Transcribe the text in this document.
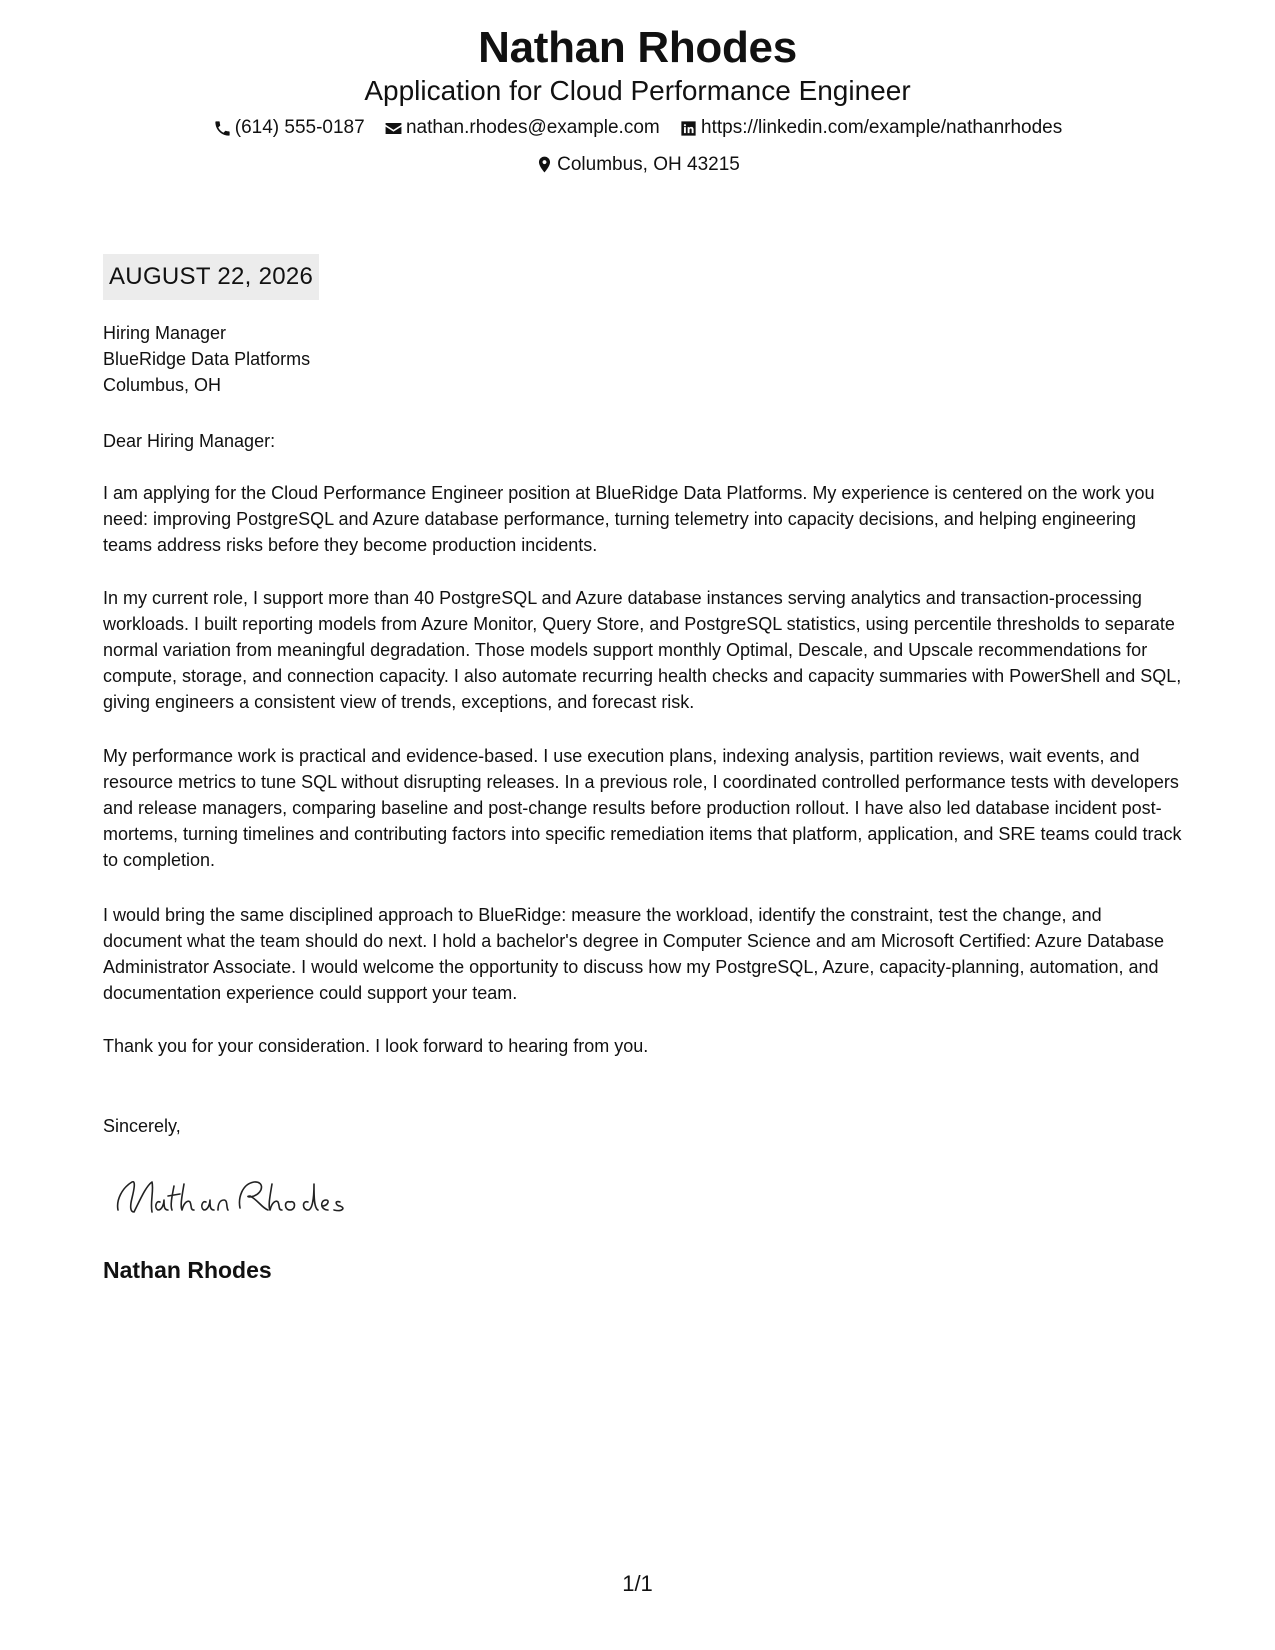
Nathan Rhodes
Application for Cloud Performance Engineer
(614) 555-0187
nathan.rhodes@example.com
https://linkedin.com/example/nathanrhodes
Columbus, OH 43215
AUGUST 22, 2026

Hiring Manager

BlueRidge Data Platforms

Columbus, OH

Dear Hiring Manager:
I am applying for the Cloud Performance Engineer position at BlueRidge Data Platforms. My experience is centered on the work you need: improving PostgreSQL and Azure database performance, turning telemetry into capacity decisions, and helping engineering teams address risks before they become production incidents.
In my current role, I support more than 40 PostgreSQL and Azure database instances serving analytics and transaction-processing workloads. I built reporting models from Azure Monitor, Query Store, and PostgreSQL statistics, using percentile thresholds to separate normal variation from meaningful degradation. Those models support monthly Optimal, Descale, and Upscale recommendations for compute, storage, and connection capacity. I also automate recurring health checks and capacity summaries with PowerShell and SQL, giving engineers a consistent view of trends, exceptions, and forecast risk.
My performance work is practical and evidence-based. I use execution plans, indexing analysis, partition reviews, wait events, and resource metrics to tune SQL without disrupting releases. In a previous role, I coordinated controlled performance tests with developers and release managers, comparing baseline and post-change results before production rollout. I have also led database incident post-mortems, turning timelines and contributing factors into specific remediation items that platform, application, and SRE teams could track to completion.
I would bring the same disciplined approach to BlueRidge: measure the workload, identify the constraint, test the change, and document what the team should do next. I hold a bachelor's degree in Computer Science and am Microsoft Certified: Azure Database Administrator Associate. I would welcome the opportunity to discuss how my PostgreSQL, Azure, capacity-planning, automation, and documentation experience could support your team.
Thank you for your consideration. I look forward to hearing from you.
Sincerely,
Nathan Rhodes
1/1
